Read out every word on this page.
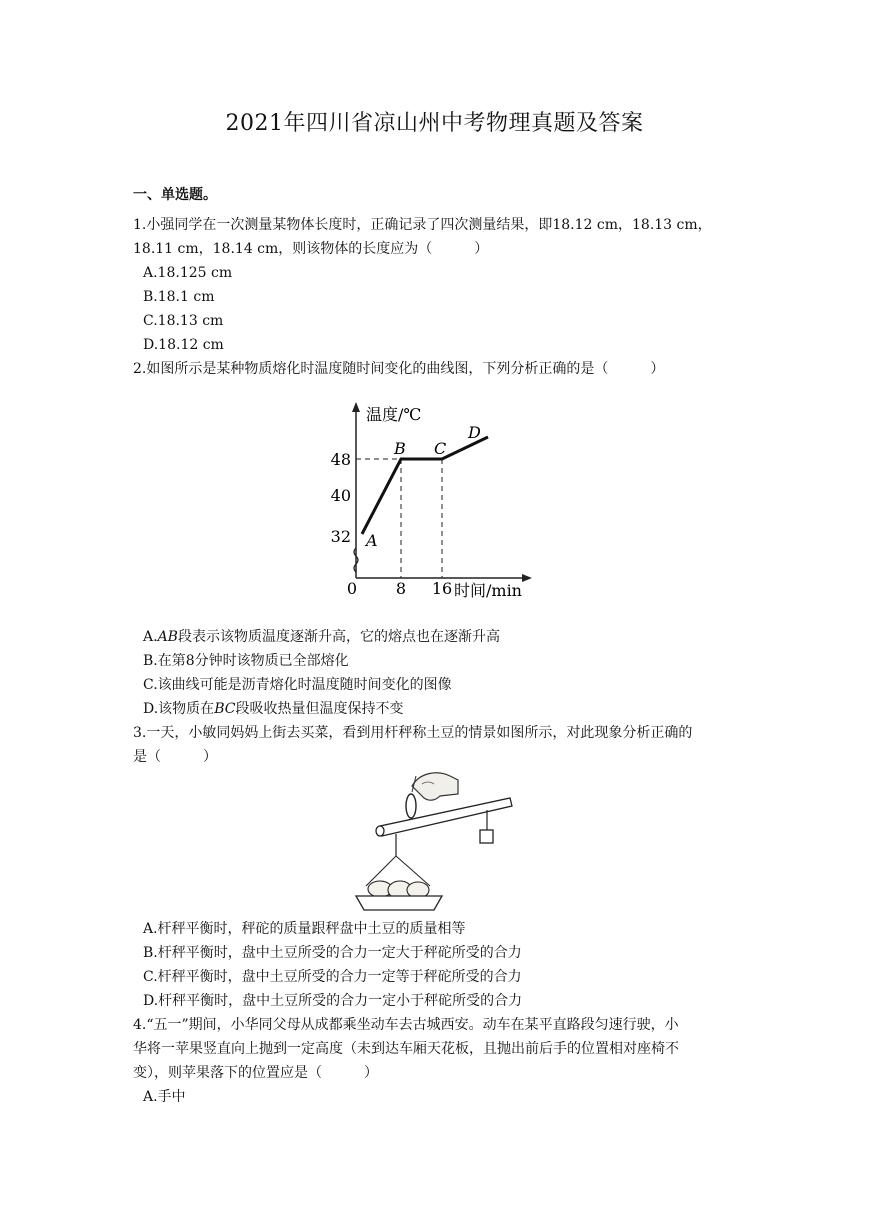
2021年四川省凉山州中考物理真题及答案
一、单选题。
1.小强同学在一次测量某物体长度时，正确记录了四次测量结果，即18.12 cm，18.13 cm，
18.11 cm，18.14 cm，则该物体的长度应为（　　　）
A.18.125 cm
B.18.1 cm
C.18.13 cm
D.18.12 cm
2.如图所示是某种物质熔化时温度随时间变化的曲线图，下列分析正确的是（　　　）
温度/℃
时间/min
48
40
32
0 8 16
A
B C
D
A.AB段表示该物质温度逐渐升高，它的熔点也在逐渐升高
B.在第8分钟时该物质已全部熔化
C.该曲线可能是沥青熔化时温度随时间变化的图像
D.该物质在BC段吸收热量但温度保持不变
3.一天，小敏同妈妈上街去买菜，看到用杆秤称土豆的情景如图所示，对此现象分析正确的
是（　　　）
A.杆秤平衡时，秤砣的质量跟秤盘中土豆的质量相等
B.杆秤平衡时，盘中土豆所受的合力一定大于秤砣所受的合力
C.杆秤平衡时，盘中土豆所受的合力一定等于秤砣所受的合力
D.杆秤平衡时，盘中土豆所受的合力一定小于秤砣所受的合力
4.“五一”期间，小华同父母从成都乘坐动车去古城西安。动车在某平直路段匀速行驶，小
华将一苹果竖直向上抛到一定高度（未到达车厢天花板，且抛出前后手的位置相对座椅不
变），则苹果落下的位置应是（　　　）
A.手中
